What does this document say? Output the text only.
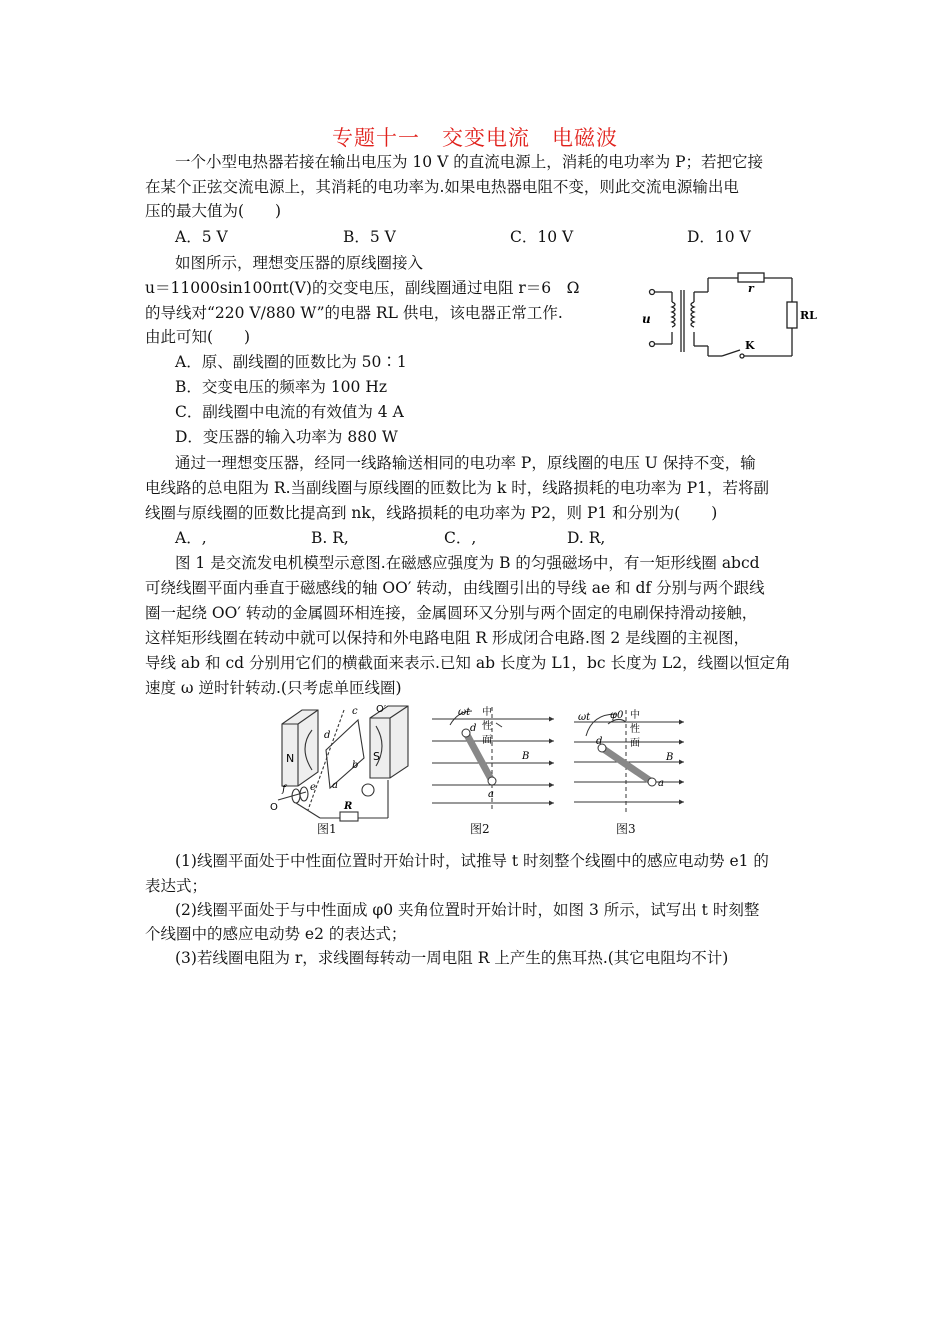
专题十一　交变电流　电磁波
一个小型电热器若接在输出电压为 10 V 的直流电源上，消耗的电功率为 P；若把它接
在某个正弦交流电源上，其消耗的电功率为.如果电热器电阻不变，则此交流电源输出电
压的最大值为(　　)
A．5 V	B．5 V	C．10 V	D．10 V
如图所示，理想变压器的原线圈接入
u＝11000sin100πt(V)的交变电压，副线圈通过电阻 r＝6　Ω
的导线对“220 V/880 W”的电器 RL 供电，该电器正常工作.
由此可知(　　)
A．原、副线圈的匝数比为 50∶1
B．交变电压的频率为 100 Hz
C．副线圈中电流的有效值为 4 A
D．变压器的输入功率为 880 W
u
r
RL
K
通过一理想变压器，经同一线路输送相同的电功率 P，原线圈的电压 U 保持不变，输
电线路的总电阻为 R.当副线圈与原线圈的匝数比为 k 时，线路损耗的电功率为 P1，若将副
线圈与原线圈的匝数比提高到 nk，线路损耗的电功率为 P2，则 P1 和分别为(　　)
A．,	B. R,	C．,	D. R,
图 1 是交流发电机模型示意图.在磁感应强度为 B 的匀强磁场中，有一矩形线圈 abcd
可绕线圈平面内垂直于磁感线的轴 OO′ 转动，由线圈引出的导线 ae 和 df 分别与两个跟线
圈一起绕 OO′ 转动的金属圆环相连接，金属圆环又分别与两个固定的电刷保持滑动接触，
这样矩形线圈在转动中就可以保持和外电路电阻 R 形成闭合电路.图 2 是线圈的主视图，
导线 ab 和 cd 分别用它们的横截面来表示.已知 ab 长度为 L1，bc 长度为 L2，线圈以恒定角
速度 ω 逆时针转动.(只考虑单匝线圈)
N	S
c
d
b
a
e
f
O
O′
R
图1
ωt 中
性
面
d
a
B
图2
ωt φ0 中
性
面
d
a
B
图3
(1)线圈平面处于中性面位置时开始计时，试推导 t 时刻整个线圈中的感应电动势 e1 的
表达式；
(2)线圈平面处于与中性面成 φ0 夹角位置时开始计时，如图 3 所示，试写出 t 时刻整
个线圈中的感应电动势 e2 的表达式；
(3)若线圈电阻为 r，求线圈每转动一周电阻 R 上产生的焦耳热.(其它电阻均不计)
